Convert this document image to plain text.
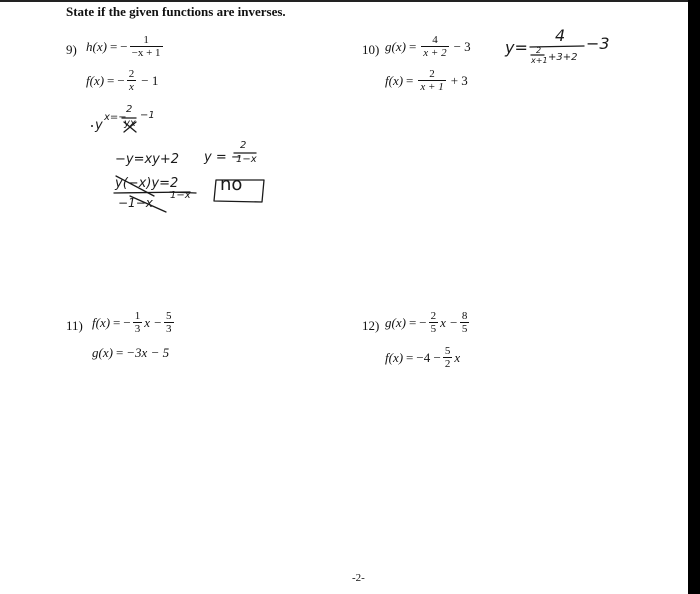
State if the given functions are inverses.
9) h(x) = − $\frac{1}{-x + 1}$
f(x) = − $\frac{2}{x} - 1$
10) $g(x) = \frac{4}{x + 2} - 3$
$f(x) = \frac{2}{x + 1} + 3$
11) f(x) = − $\frac{1}{3}$ $x - \frac{5}{3}$
g(x) = −3x − 5
12) g(x) = − $\frac{2}{5}$ $x - \frac{8}{5}$
$f(x) = -4 - \frac{5}{2}$ x
y
x=−
2
yx
−1
−y=xy+2
y(−x)y=2
−1−x
1−x
y = −
2
1−x
no
y=
4
2
x+1 +3+2
−3
-2-
